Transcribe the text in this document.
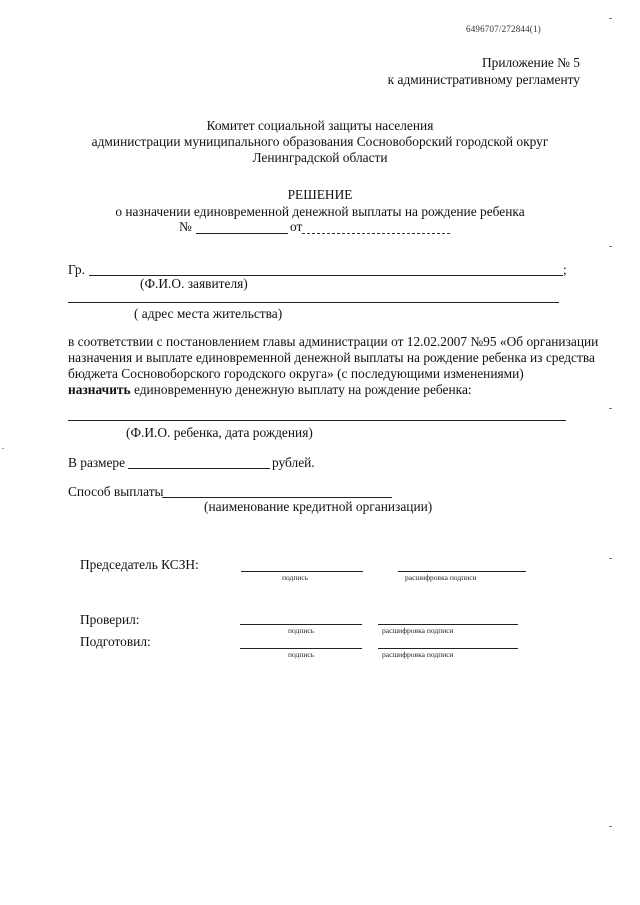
6496707/272844(1)
Приложение № 5
к административному регламенту
Комитет социальной защиты населения
администрации муниципального образования Сосновоборский городской округ
Ленинградской области
РЕШЕНИЕ
о назначении единовременной денежной выплаты на рождение ребенка
№	от
Гр.	;
(Ф.И.О. заявителя)
( адрес места жительства)
в соответствии с постановлением главы администрации от 12.02.2007 №95 «Об организации
назначения и выплате единовременной денежной выплаты на рождение ребенка из средства
бюджета Сосновоборского городского округа» (с последующими изменениями)
назначить единовременную денежную выплату на рождение ребенка:
(Ф.И.О. ребенка, дата рождения)
В размере	рублей.
Способ выплаты
(наименование кредитной организации)
Председатель КСЗН:
подпись	расшифровка подписи
Проверил:
подпись	расшифровка подписи
Подготовил:
подпись	расшифровка подписи
